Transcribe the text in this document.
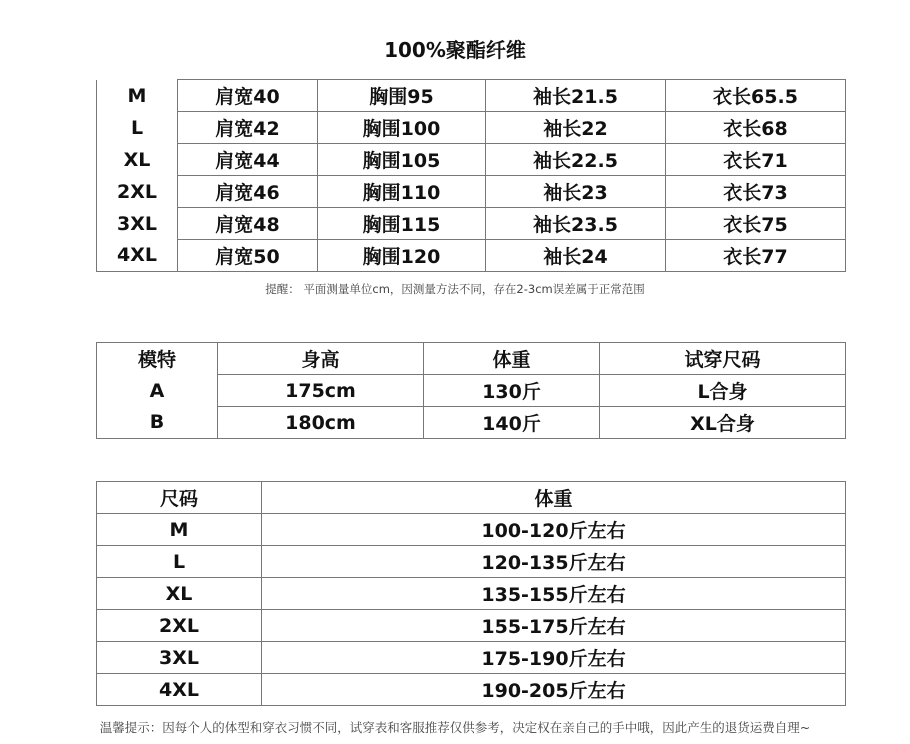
100%聚酯纤维
M	肩宽40	胸围95	袖长21.5	衣长65.5
L	肩宽42	胸围100	袖长22	衣长68
XL	肩宽44	胸围105	袖长22.5	衣长71
2XL	肩宽46	胸围110	袖长23	衣长73
3XL	肩宽48	胸围115	袖长23.5	衣长75
4XL	肩宽50	胸围120	袖长24	衣长77
提醒： 平面测量单位cm，因测量方法不同，存在2-3cm误差属于正常范围
模特	身高	体重	试穿尺码
A	175cm	130斤	L合身
B	180cm	140斤	XL合身
尺码	体重
M	100-120斤左右
L	120-135斤左右
XL	135-155斤左右
2XL	155-175斤左右
3XL	175-190斤左右
4XL	190-205斤左右
温馨提示：因每个人的体型和穿衣习惯不同，试穿表和客服推荐仅供参考，决定权在亲自己的手中哦，因此产生的退货运费自理~
